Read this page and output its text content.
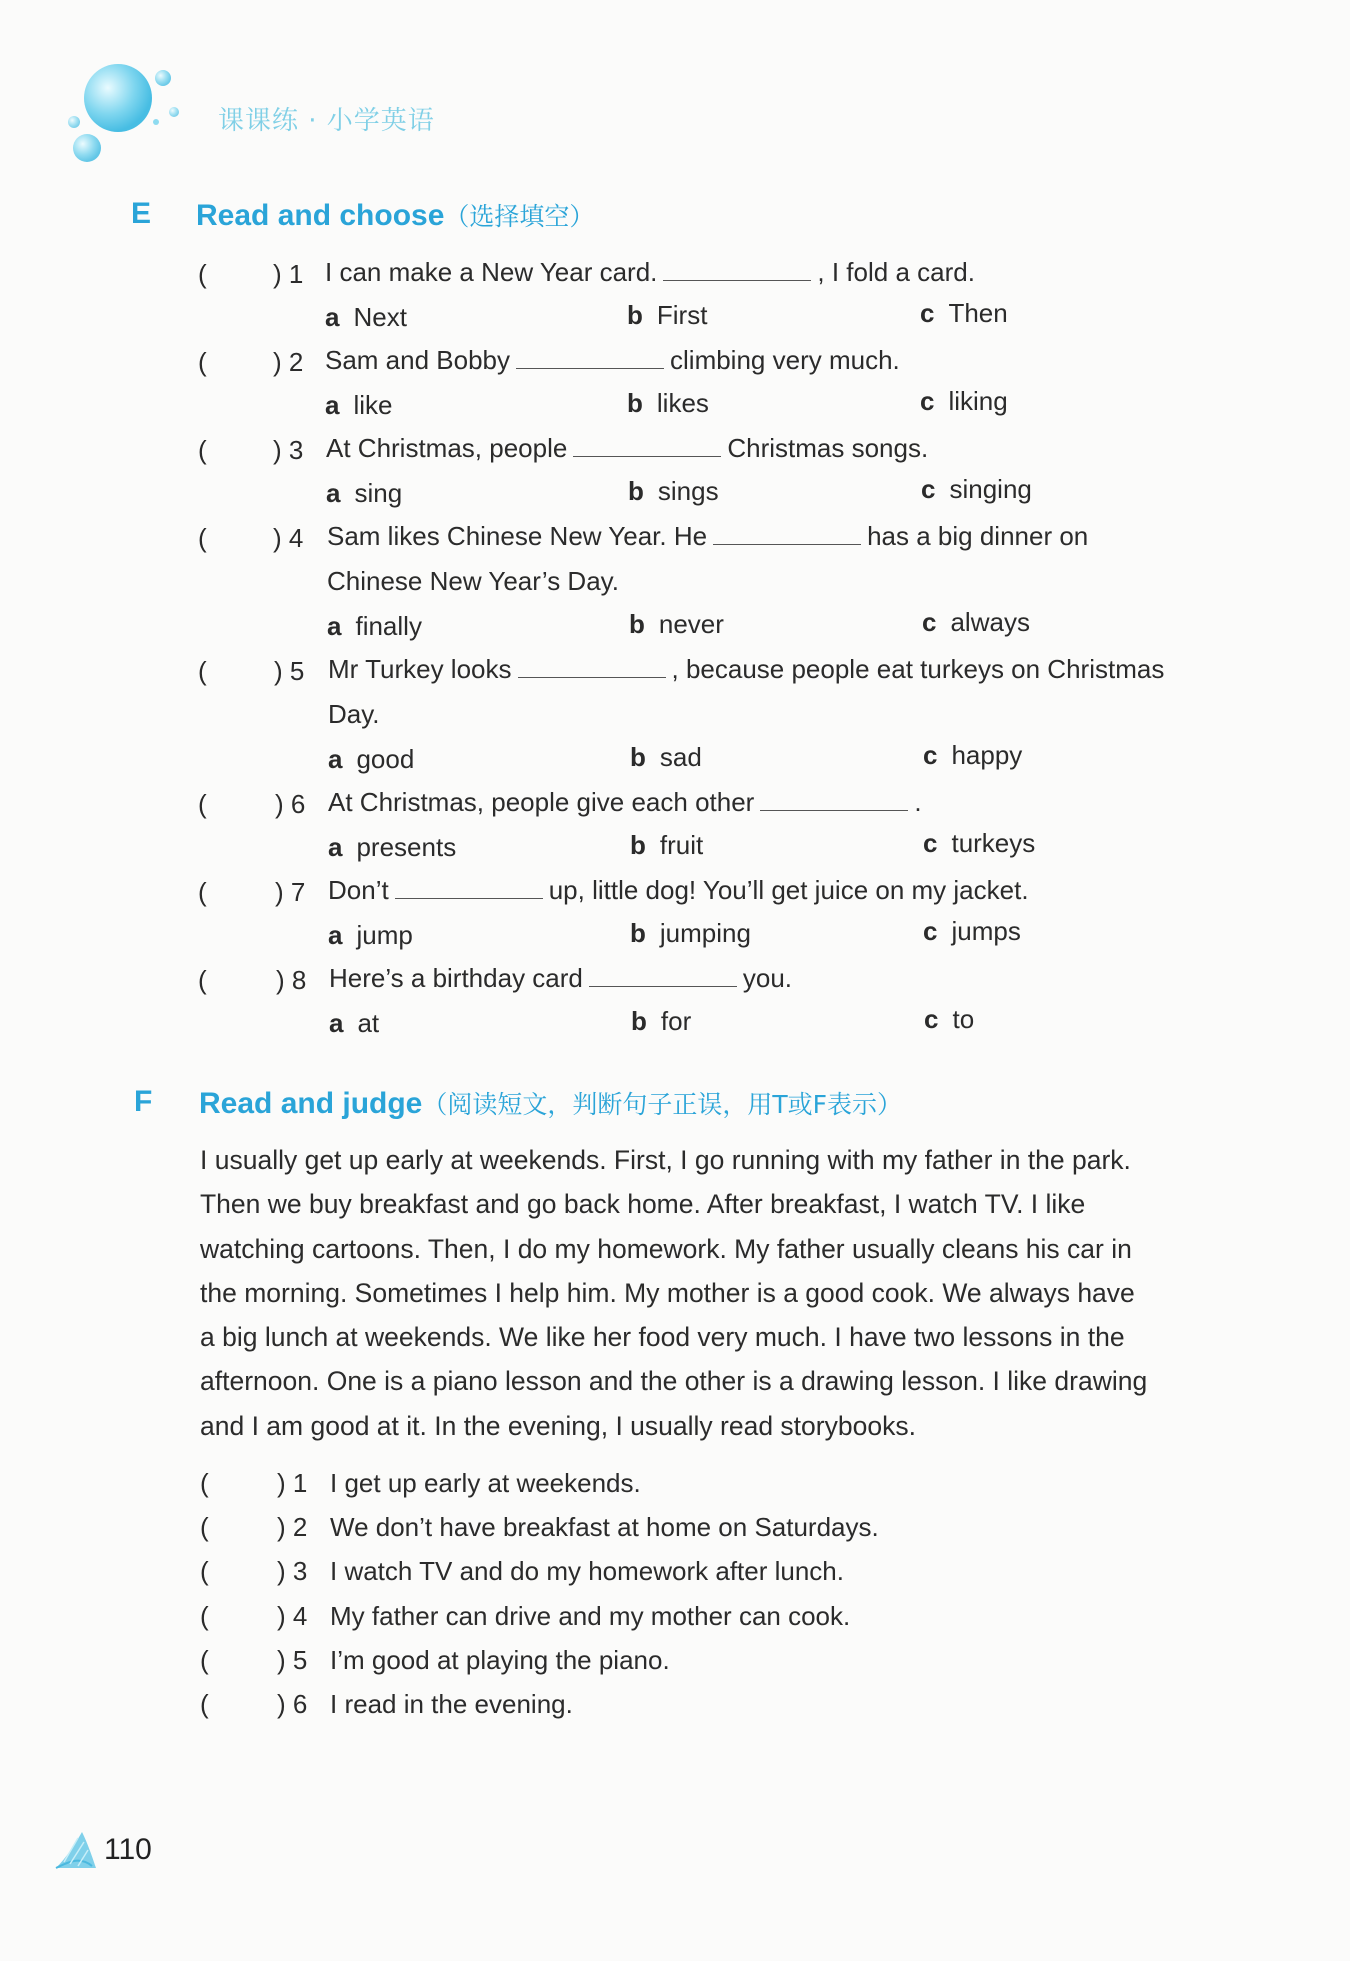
课课练 · 小学英语
E Read and choose（选择填空）
(	) 1 I can make a New Year card.	, I fold a card.
a Next	b First	c Then
(	) 2 Sam and Bobby	climbing very much.
a like	b likes	c liking
(	) 3 At Christmas, people	Christmas songs.
a sing	b sings	c singing
(	) 4 Sam likes Chinese New Year. He	has a big dinner on
Chinese New Year’s Day.
a finally	b never	c always
(	) 5 Mr Turkey looks	, because people eat turkeys on Christmas
Day.
a good	b sad	c happy
(	) 6 At Christmas, people give each other	.
a presents	b fruit	c turkeys
(	) 7 Don’t	up, little dog! You’ll get juice on my jacket.
a jump	b jumping	c jumps
(	) 8 Here’s a birthday card	you.
a at	b for	c to
F Read and judge（阅读短文，判断句子正误，用T或F表示）
I usually get up early at weekends. First, I go running with my father in the park.
Then we buy breakfast and go back home. After breakfast, I watch TV. I like
watching cartoons. Then, I do my homework. My father usually cleans his car in
the morning. Sometimes I help him. My mother is a good cook. We always have
a big lunch at weekends. We like her food very much. I have two lessons in the
afternoon. One is a piano lesson and the other is a drawing lesson. I like drawing
and I am good at it. In the evening, I usually read storybooks.
(	) 1 I get up early at weekends.
(	) 2 We don’t have breakfast at home on Saturdays.
(	) 3 I watch TV and do my homework after lunch.
(	) 4 My father can drive and my mother can cook.
(	) 5 I’m good at playing the piano.
(	) 6 I read in the evening.
110
